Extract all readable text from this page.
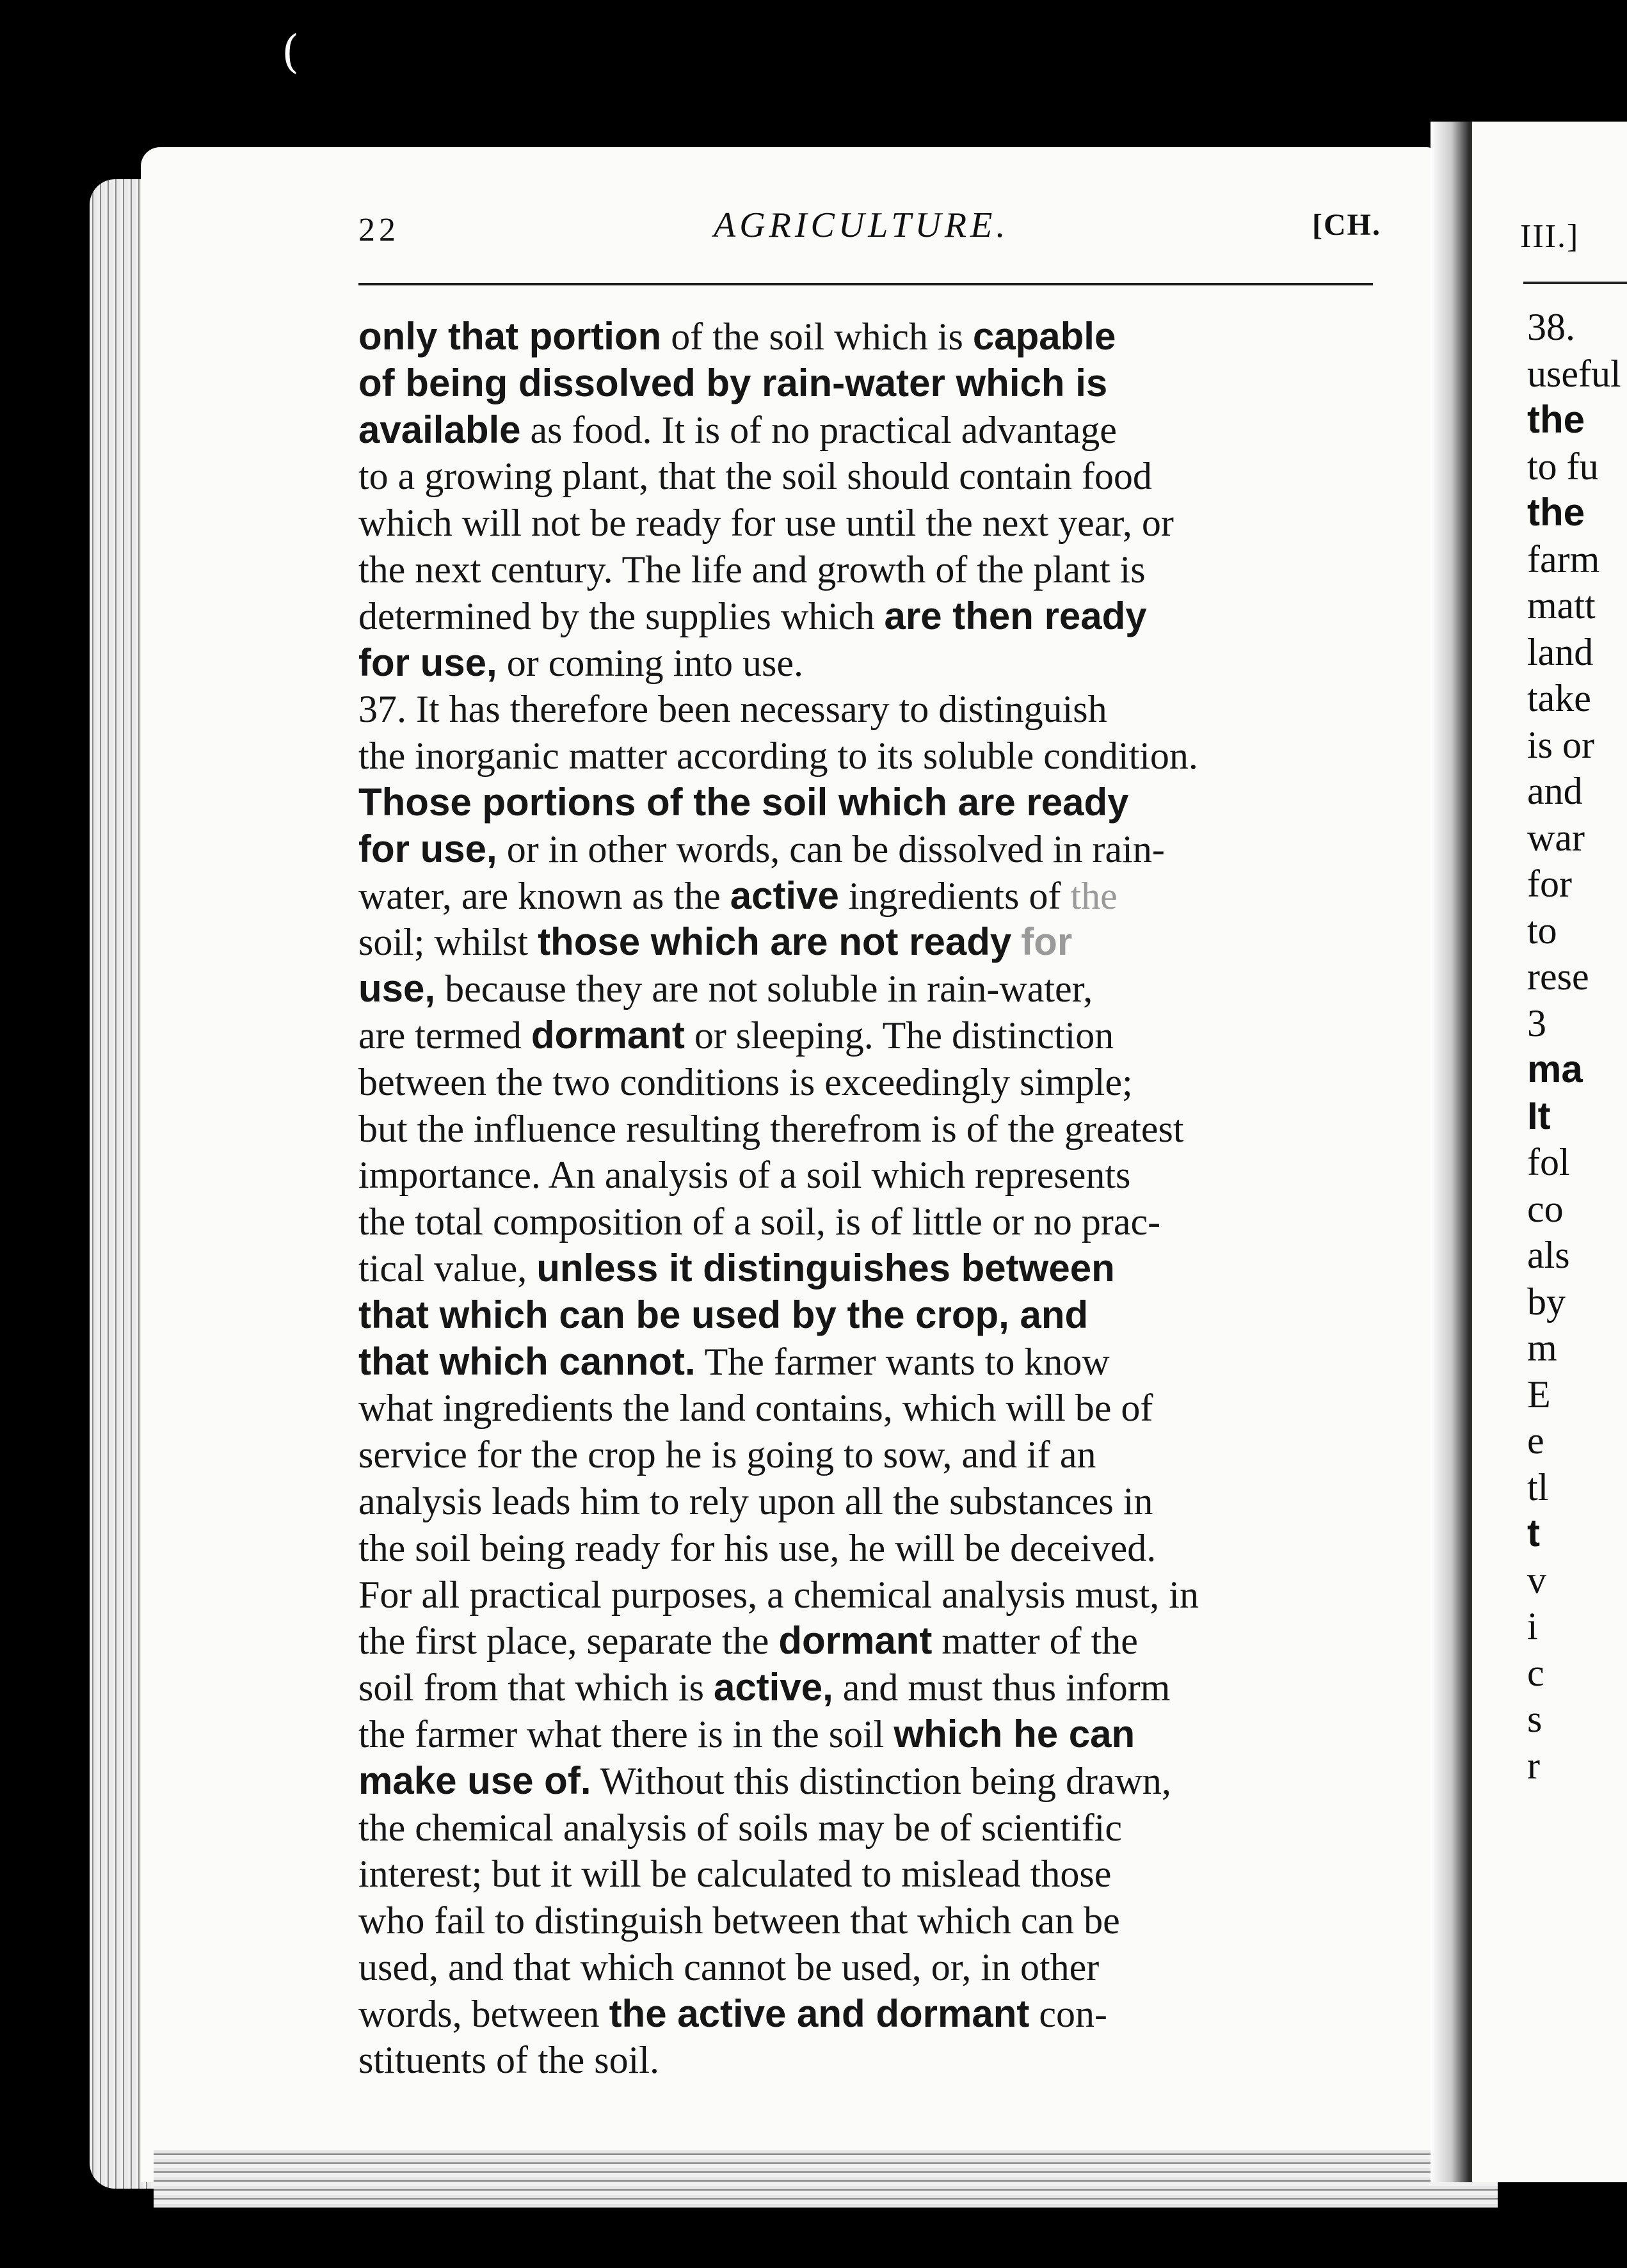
III.]
38.
useful
the
to fu
the
farm
matt
land
take
is or
and
war
for
to
rese
3
ma
It
fol
co
als
by
m
E
e
tl
t
v
i
c
s
r
22	AGRICULTURE.	[CH.
only that portion of the soil which is capable
of being dissolved by rain-water which is
available as food. It is of no practical advantage
to a growing plant, that the soil should contain food
which will not be ready for use until the next year, or
the next century. The life and growth of the plant is
determined by the supplies which are then ready
for use, or coming into use.
37. It has therefore been necessary to distinguish
the inorganic matter according to its soluble condition.
Those portions of the soil which are ready
for use, or in other words, can be dissolved in rain-
water, are known as the active ingredients of the
soil; whilst those which are not ready for
use, because they are not soluble in rain-water,
are termed dormant or sleeping. The distinction
between the two conditions is exceedingly simple;
but the influence resulting therefrom is of the greatest
importance. An analysis of a soil which represents
the total composition of a soil, is of little or no prac-
tical value, unless it distinguishes between
that which can be used by the crop, and
that which cannot. The farmer wants to know
what ingredients the land contains, which will be of
service for the crop he is going to sow, and if an
analysis leads him to rely upon all the substances in
the soil being ready for his use, he will be deceived.
For all practical purposes, a chemical analysis must, in
the first place, separate the dormant matter of the
soil from that which is active, and must thus inform
the farmer what there is in the soil which he can
make use of. Without this distinction being drawn,
the chemical analysis of soils may be of scientific
interest; but it will be calculated to mislead those
who fail to distinguish between that which can be
used, and that which cannot be used, or, in other
words, between the active and dormant con-
stituents of the soil.
(
